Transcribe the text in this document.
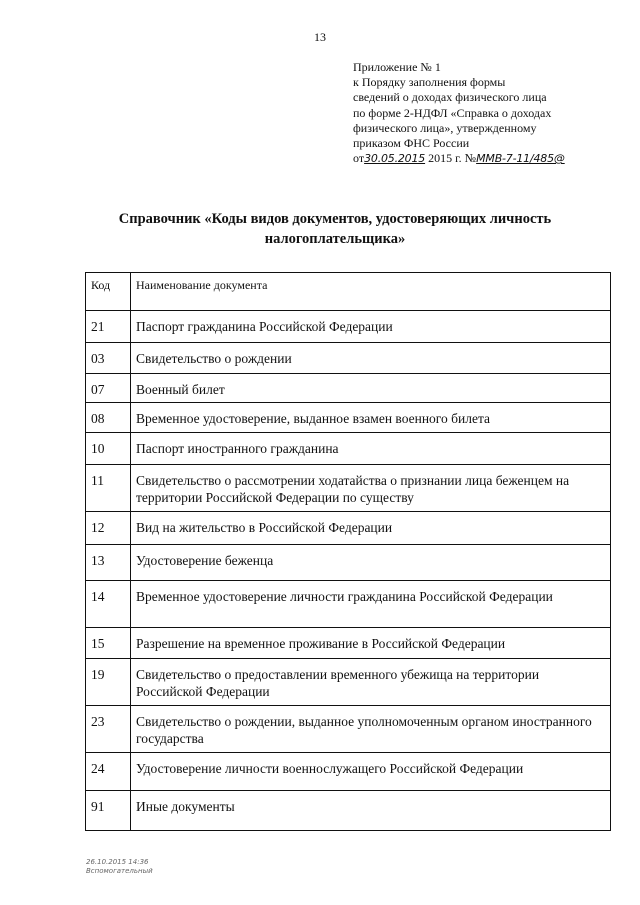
13
Приложение № 1
к Порядку заполнения формы
сведений о доходах физического лица
по форме 2-НДФЛ «Справка о доходах
физического лица», утвержденному
приказом ФНС России
от30.05.2015 2015 г. №ММВ-7-11/485@
Справочник «Коды видов документов, удостоверяющих личность
налогоплательщика»
Код	Наименование документа
21	Паспорт гражданина Российской Федерации
03	Свидетельство о рождении
07	Военный билет
08	Временное удостоверение, выданное взамен военного билета
10	Паспорт иностранного гражданина
11	Свидетельство о рассмотрении ходатайства о признании лица беженцем на территории Российской Федерации по существу
12	Вид на жительство в Российской Федерации
13	Удостоверение беженца
14	Временное удостоверение личности гражданина Российской Федерации
15	Разрешение на временное проживание в Российской Федерации
19	Свидетельство о предоставлении временного убежища на территории Российской Федерации
23	Свидетельство о рождении, выданное уполномоченным органом иностранного государства
24	Удостоверение личности военнослужащего Российской Федерации
91	Иные документы
26.10.2015 14:36
Вспомогательный
